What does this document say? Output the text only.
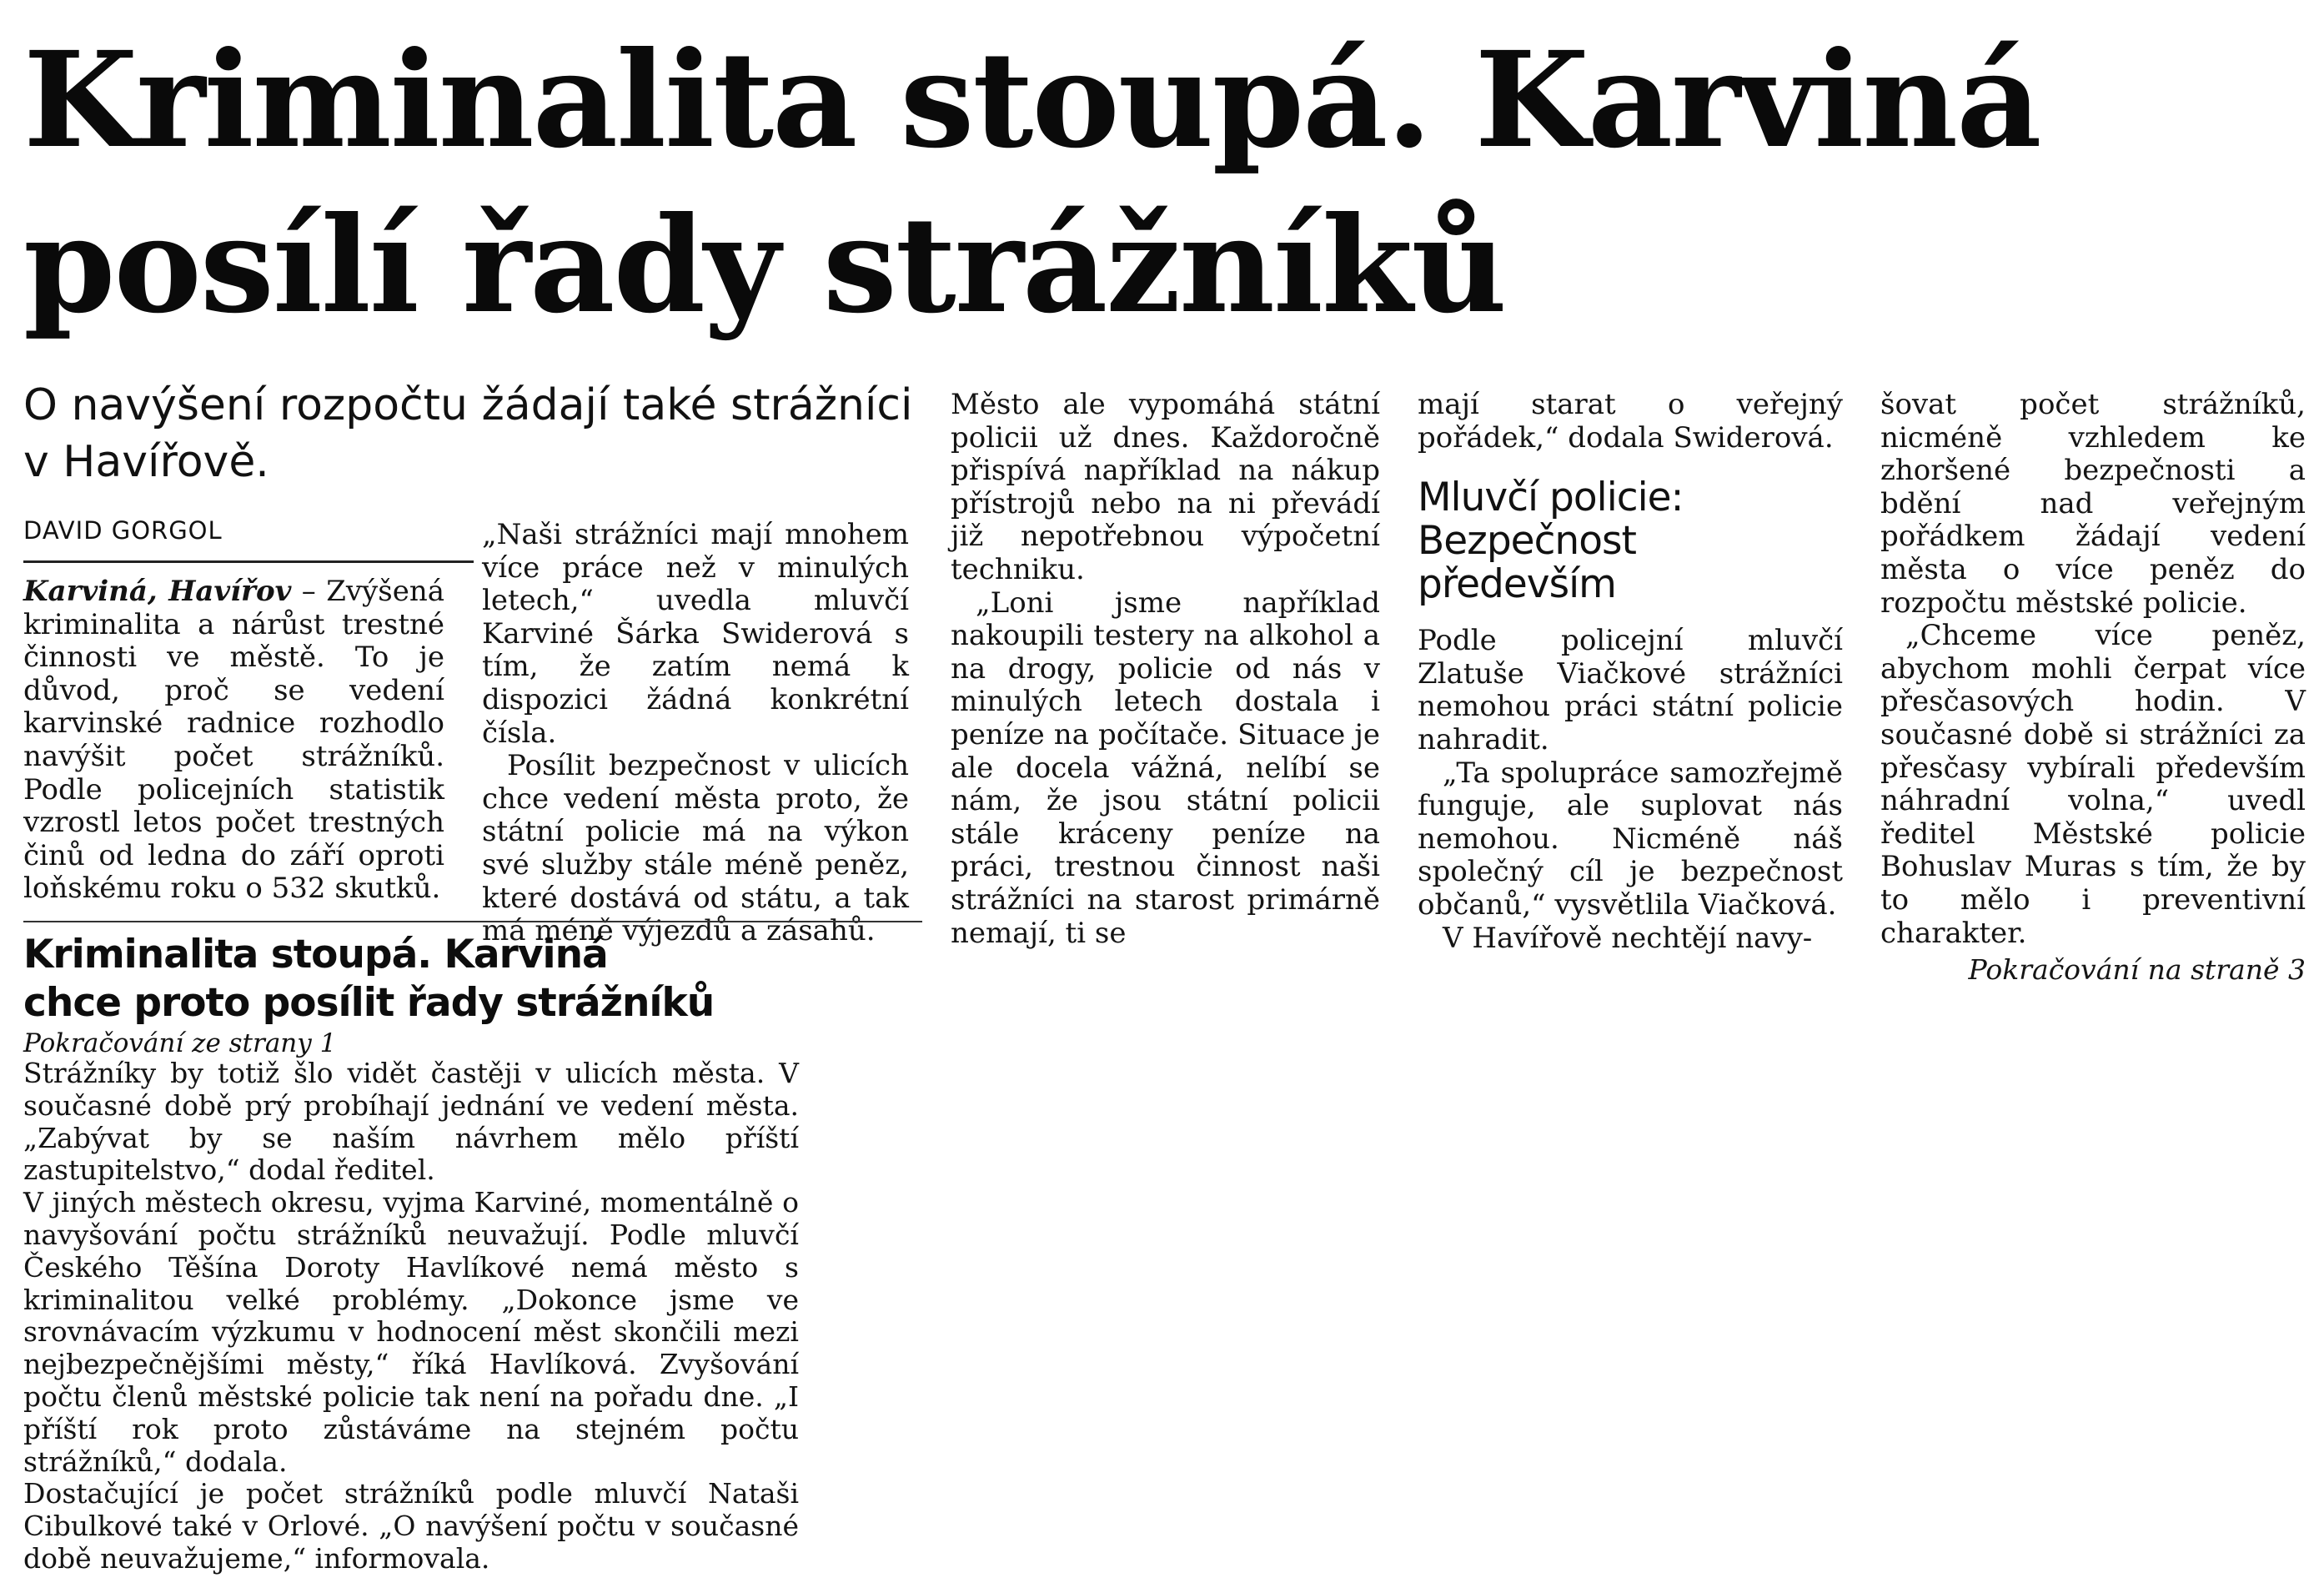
Kriminalita stoupá. Karviná
posílí řady strážníků
O navýšení rozpočtu žádají také strážníci
v Havířově.
DAVID GORGOL

Karviná, Havířov – Zvýšená kriminalita a nárůst trestné činnosti ve městě. To je důvod, proč se vedení karvinské radnice rozhodlo navýšit počet strážníků. Podle policejních statistik vzrostl letos počet trestných činů od ledna do září oproti loňskému roku o 532 skutků.

„Naši strážníci mají mnohem více práce než v minulých letech,“ uvedla mluvčí Karviné Šárka Swiderová s tím, že zatím nemá k dispozici žádná konkrétní čísla.

Posílit bezpečnost v ulicích chce vedení města proto, že státní policie má na výkon své služby stále méně peněz, které dostává od státu, a tak má méně výjezdů a zásahů.

Město ale vypomáhá státní policii už dnes. Každoročně přispívá například na nákup přístrojů nebo na ni převádí již nepotřebnou výpočetní techniku.

„Loni jsme například nakoupili testery na alkohol a na drogy, policie od nás v minulých letech dostala i peníze na počítače. Situace je ale docela vážná, nelíbí se nám, že jsou státní policii stále kráceny peníze na práci, trestnou činnost naši strážníci na starost primárně nemají, ti se

mají starat o veřejný pořádek,“ dodala Swiderová.

Mluvčí policie:
Bezpečnost především

Podle policejní mluvčí Zlatuše Viačkové strážníci nemohou práci státní policie nahradit.

„Ta spolupráce samozřejmě funguje, ale suplovat nás nemohou. Nicméně náš společný cíl je bezpečnost občanů,“ vysvětlila Viačková.

V Havířově nechtějí navy-

šovat počet strážníků, nicméně vzhledem ke zhoršené bezpečnosti a bdění nad veřejným pořádkem žádají vedení města o více peněz do rozpočtu městské policie.

„Chceme více peněz, abychom mohli čerpat více přesčasových hodin. V současné době si strážníci za přesčasy vybírali především náhradní volna,“ uvedl ředitel Městské policie Bohuslav Muras s tím, že by to mělo i preventivní charakter.

Pokračování na straně 3
Kriminalita stoupá. Karviná
chce proto posílit řady strážníků
Pokračování ze strany 1

Strážníky by totiž šlo vidět častěji v ulicích města. V současné době prý probíhají jednání ve vedení města. „Zabývat by se naším návrhem mělo příští zastupitelstvo,“ dodal ředitel.

V jiných městech okresu, vyjma Karviné, momentálně o navyšování počtu strážníků neuvažují. Podle mluvčí Českého Těšína Doroty Havlíkové nemá město s kriminalitou velké problémy. „Dokonce jsme ve srovnávacím výzkumu v hodnocení měst skončili mezi nejbezpečnějšími městy,“ říká Havlíková. Zvyšování počtu členů městské policie tak není na pořadu dne. „I příští rok proto zůstáváme na stejném počtu strážníků,“ dodala.

Dostačující je počet strážníků podle mluvčí Nataši Cibulkové také v Orlové. „O navýšení počtu v současné době neuvažujeme,“ informovala.
